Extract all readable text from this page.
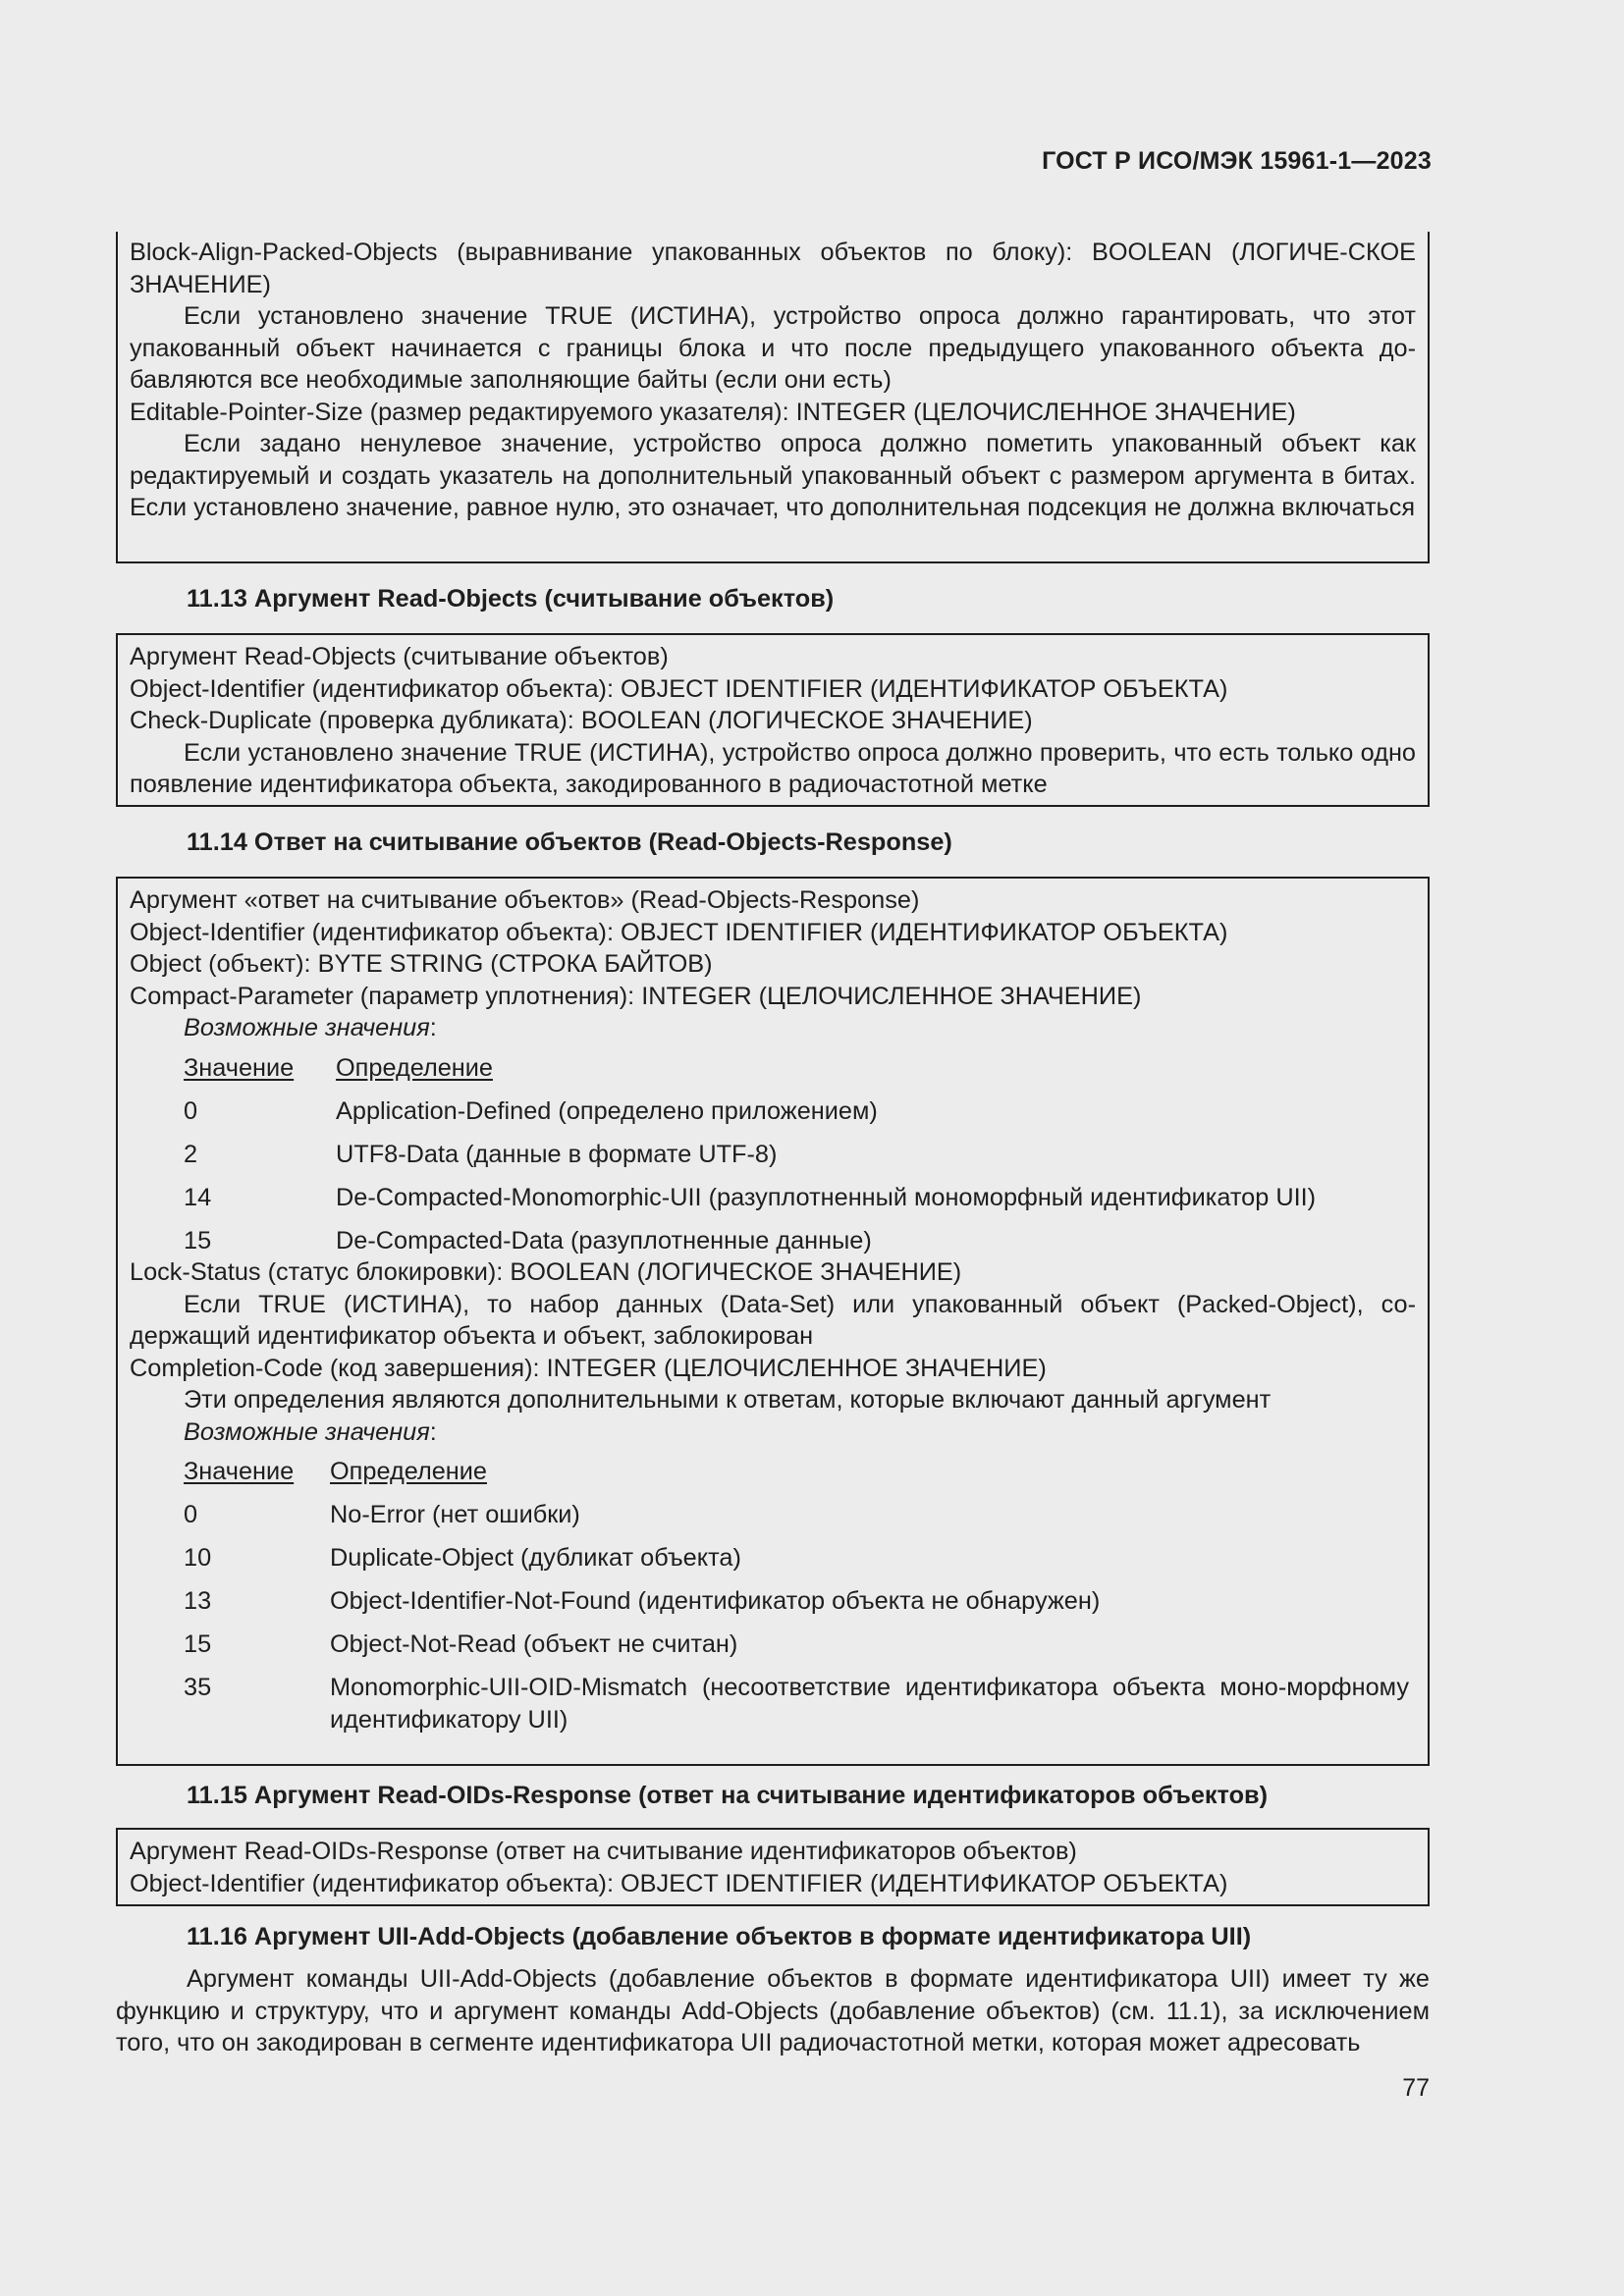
ГОСТ Р ИСО/МЭК 15961-1—2023
Block-Align-Packed-Objects (выравнивание упакованных объектов по блоку): BOOLEAN (ЛОГИЧЕ-СКОЕ ЗНАЧЕНИЕ)
Если установлено значение TRUE (ИСТИНА), устройство опроса должно гарантировать, что этот упакованный объект начинается с границы блока и что после предыдущего упакованного объекта до-бавляются все необходимые заполняющие байты (если они есть)
Editable-Pointer-Size (размер редактируемого указателя): INTEGER (ЦЕЛОЧИСЛЕННОЕ ЗНАЧЕНИЕ)
Если задано ненулевое значение, устройство опроса должно пометить упакованный объект как редактируемый и создать указатель на дополнительный упакованный объект с размером аргумента в битах. Если установлено значение, равное нулю, это означает, что дополнительная подсекция не должна включаться
11.13 Аргумент Read-Objects (считывание объектов)
Аргумент Read-Objects (считывание объектов)
Object-Identifier (идентификатор объекта): OBJECT IDENTIFIER (ИДЕНТИФИКАТОР ОБЪЕКТА)
Check-Duplicate (проверка дубликата): BOOLEAN (ЛОГИЧЕСКОЕ ЗНАЧЕНИЕ)
Если установлено значение TRUE (ИСТИНА), устройство опроса должно проверить, что есть только одно появление идентификатора объекта, закодированного в радиочастотной метке
11.14 Ответ на считывание объектов (Read-Objects-Response)
Аргумент «ответ на считывание объектов» (Read-Objects-Response)
Object-Identifier (идентификатор объекта): OBJECT IDENTIFIER (ИДЕНТИФИКАТОР ОБЪЕКТА)
Object (объект): BYTE STRING (СТРОКА БАЙТОВ)
Compact-Parameter (параметр уплотнения): INTEGER (ЦЕЛОЧИСЛЕННОЕ ЗНАЧЕНИЕ)
Возможные значения:
Значение	Определение
0	Application-Defined (определено приложением)
2	UTF8-Data (данные в формате UTF-8)
14	De-Compacted-Monomorphic-UII (разуплотненный мономорфный идентификатор UII)
15	De-Compacted-Data (разуплотненные данные)
Lock-Status (статус блокировки): BOOLEAN (ЛОГИЧЕСКОЕ ЗНАЧЕНИЕ)
Если TRUE (ИСТИНА), то набор данных (Data-Set) или упакованный объект (Packed-Object), со-держащий идентификатор объекта и объект, заблокирован
Completion-Code (код завершения): INTEGER (ЦЕЛОЧИСЛЕННОЕ ЗНАЧЕНИЕ)
Эти определения являются дополнительными к ответам, которые включают данный аргумент
Возможные значения:
Значение	Определение
0	No-Error (нет ошибки)
10	Duplicate-Object (дубликат объекта)
13	Object-Identifier-Not-Found (идентификатор объекта не обнаружен)
15	Object-Not-Read (объект не считан)
35	Monomorphic-UII-OID-Mismatch (несоответствие идентификатора объекта моно-морфному идентификатору UII)
11.15 Аргумент Read-OIDs-Response (ответ на считывание идентификаторов объектов)
Аргумент Read-OIDs-Response (ответ на считывание идентификаторов объектов)
Object-Identifier (идентификатор объекта): OBJECT IDENTIFIER (ИДЕНТИФИКАТОР ОБЪЕКТА)
11.16 Аргумент UII-Add-Objects (добавление объектов в формате идентификатора UII)
Аргумент команды UII-Add-Objects (добавление объектов в формате идентификатора UII) имеет ту же функцию и структуру, что и аргумент команды Add-Objects (добавление объектов) (см. 11.1), за исключением того, что он закодирован в сегменте идентификатора UII радиочастотной метки, которая может адресовать
77
